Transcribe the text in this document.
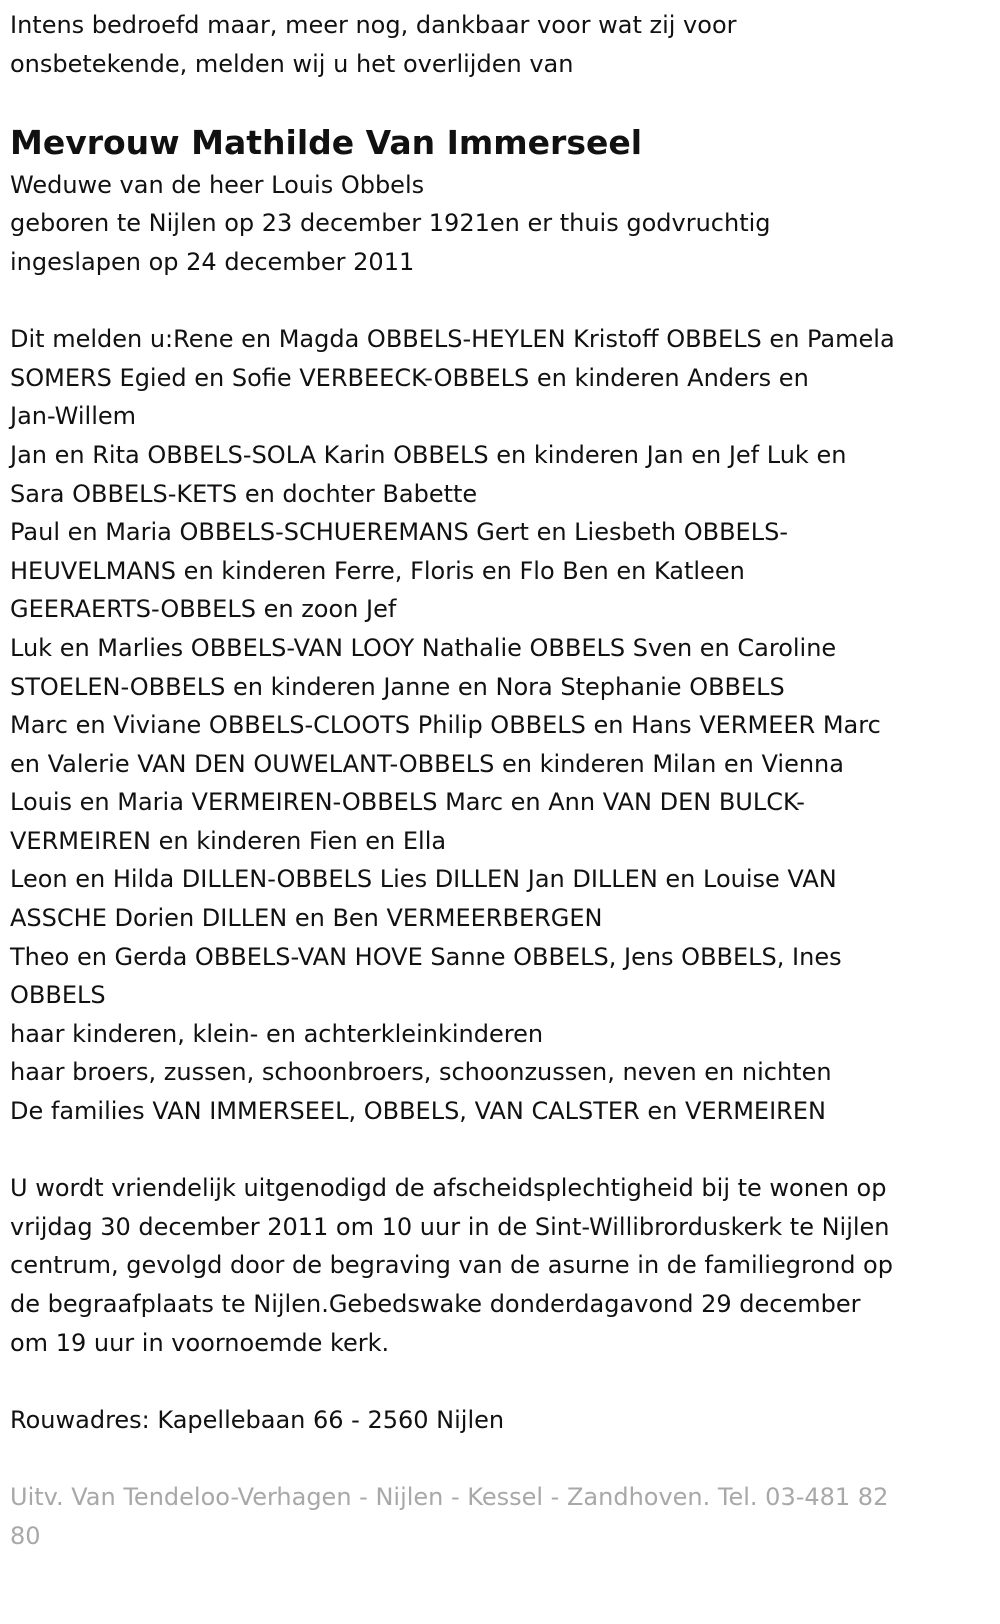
Intens bedroefd maar, meer nog, dankbaar voor wat zij voor
onsbetekende, melden wij u het overlijden van
Mevrouw Mathilde Van Immerseel
Weduwe van de heer Louis Obbels
geboren te Nijlen op 23 december 1921en er thuis godvruchtig
ingeslapen op 24 december 2011
Dit melden u:Rene en Magda OBBELS-HEYLEN Kristoff OBBELS en Pamela
SOMERS Egied en Sofie VERBEECK-OBBELS en kinderen Anders en
Jan-Willem
Jan en Rita OBBELS-SOLA Karin OBBELS en kinderen Jan en Jef Luk en
Sara OBBELS-KETS en dochter Babette
Paul en Maria OBBELS-SCHUEREMANS Gert en Liesbeth OBBELS-
HEUVELMANS en kinderen Ferre, Floris en Flo Ben en Katleen
GEERAERTS-OBBELS en zoon Jef
Luk en Marlies OBBELS-VAN LOOY Nathalie OBBELS Sven en Caroline
STOELEN-OBBELS en kinderen Janne en Nora Stephanie OBBELS
Marc en Viviane OBBELS-CLOOTS Philip OBBELS en Hans VERMEER Marc
en Valerie VAN DEN OUWELANT-OBBELS en kinderen Milan en Vienna
Louis en Maria VERMEIREN-OBBELS Marc en Ann VAN DEN BULCK-
VERMEIREN en kinderen Fien en Ella
Leon en Hilda DILLEN-OBBELS Lies DILLEN Jan DILLEN en Louise VAN
ASSCHE Dorien DILLEN en Ben VERMEERBERGEN
Theo en Gerda OBBELS-VAN HOVE Sanne OBBELS, Jens OBBELS, Ines
OBBELS
haar kinderen, klein- en achterkleinkinderen
haar broers, zussen, schoonbroers, schoonzussen, neven en nichten
De families VAN IMMERSEEL, OBBELS, VAN CALSTER en VERMEIREN
U wordt vriendelijk uitgenodigd de afscheidsplechtigheid bij te wonen op
vrijdag 30 december 2011 om 10 uur in de Sint-Willibrorduskerk te Nijlen
centrum, gevolgd door de begraving van de asurne in de familiegrond op
de begraafplaats te Nijlen.Gebedswake donderdagavond 29 december
om 19 uur in voornoemde kerk.
Rouwadres: Kapellebaan 66 - 2560 Nijlen
Uitv. Van Tendeloo-Verhagen - Nijlen - Kessel - Zandhoven. Tel. 03-481 82
80
